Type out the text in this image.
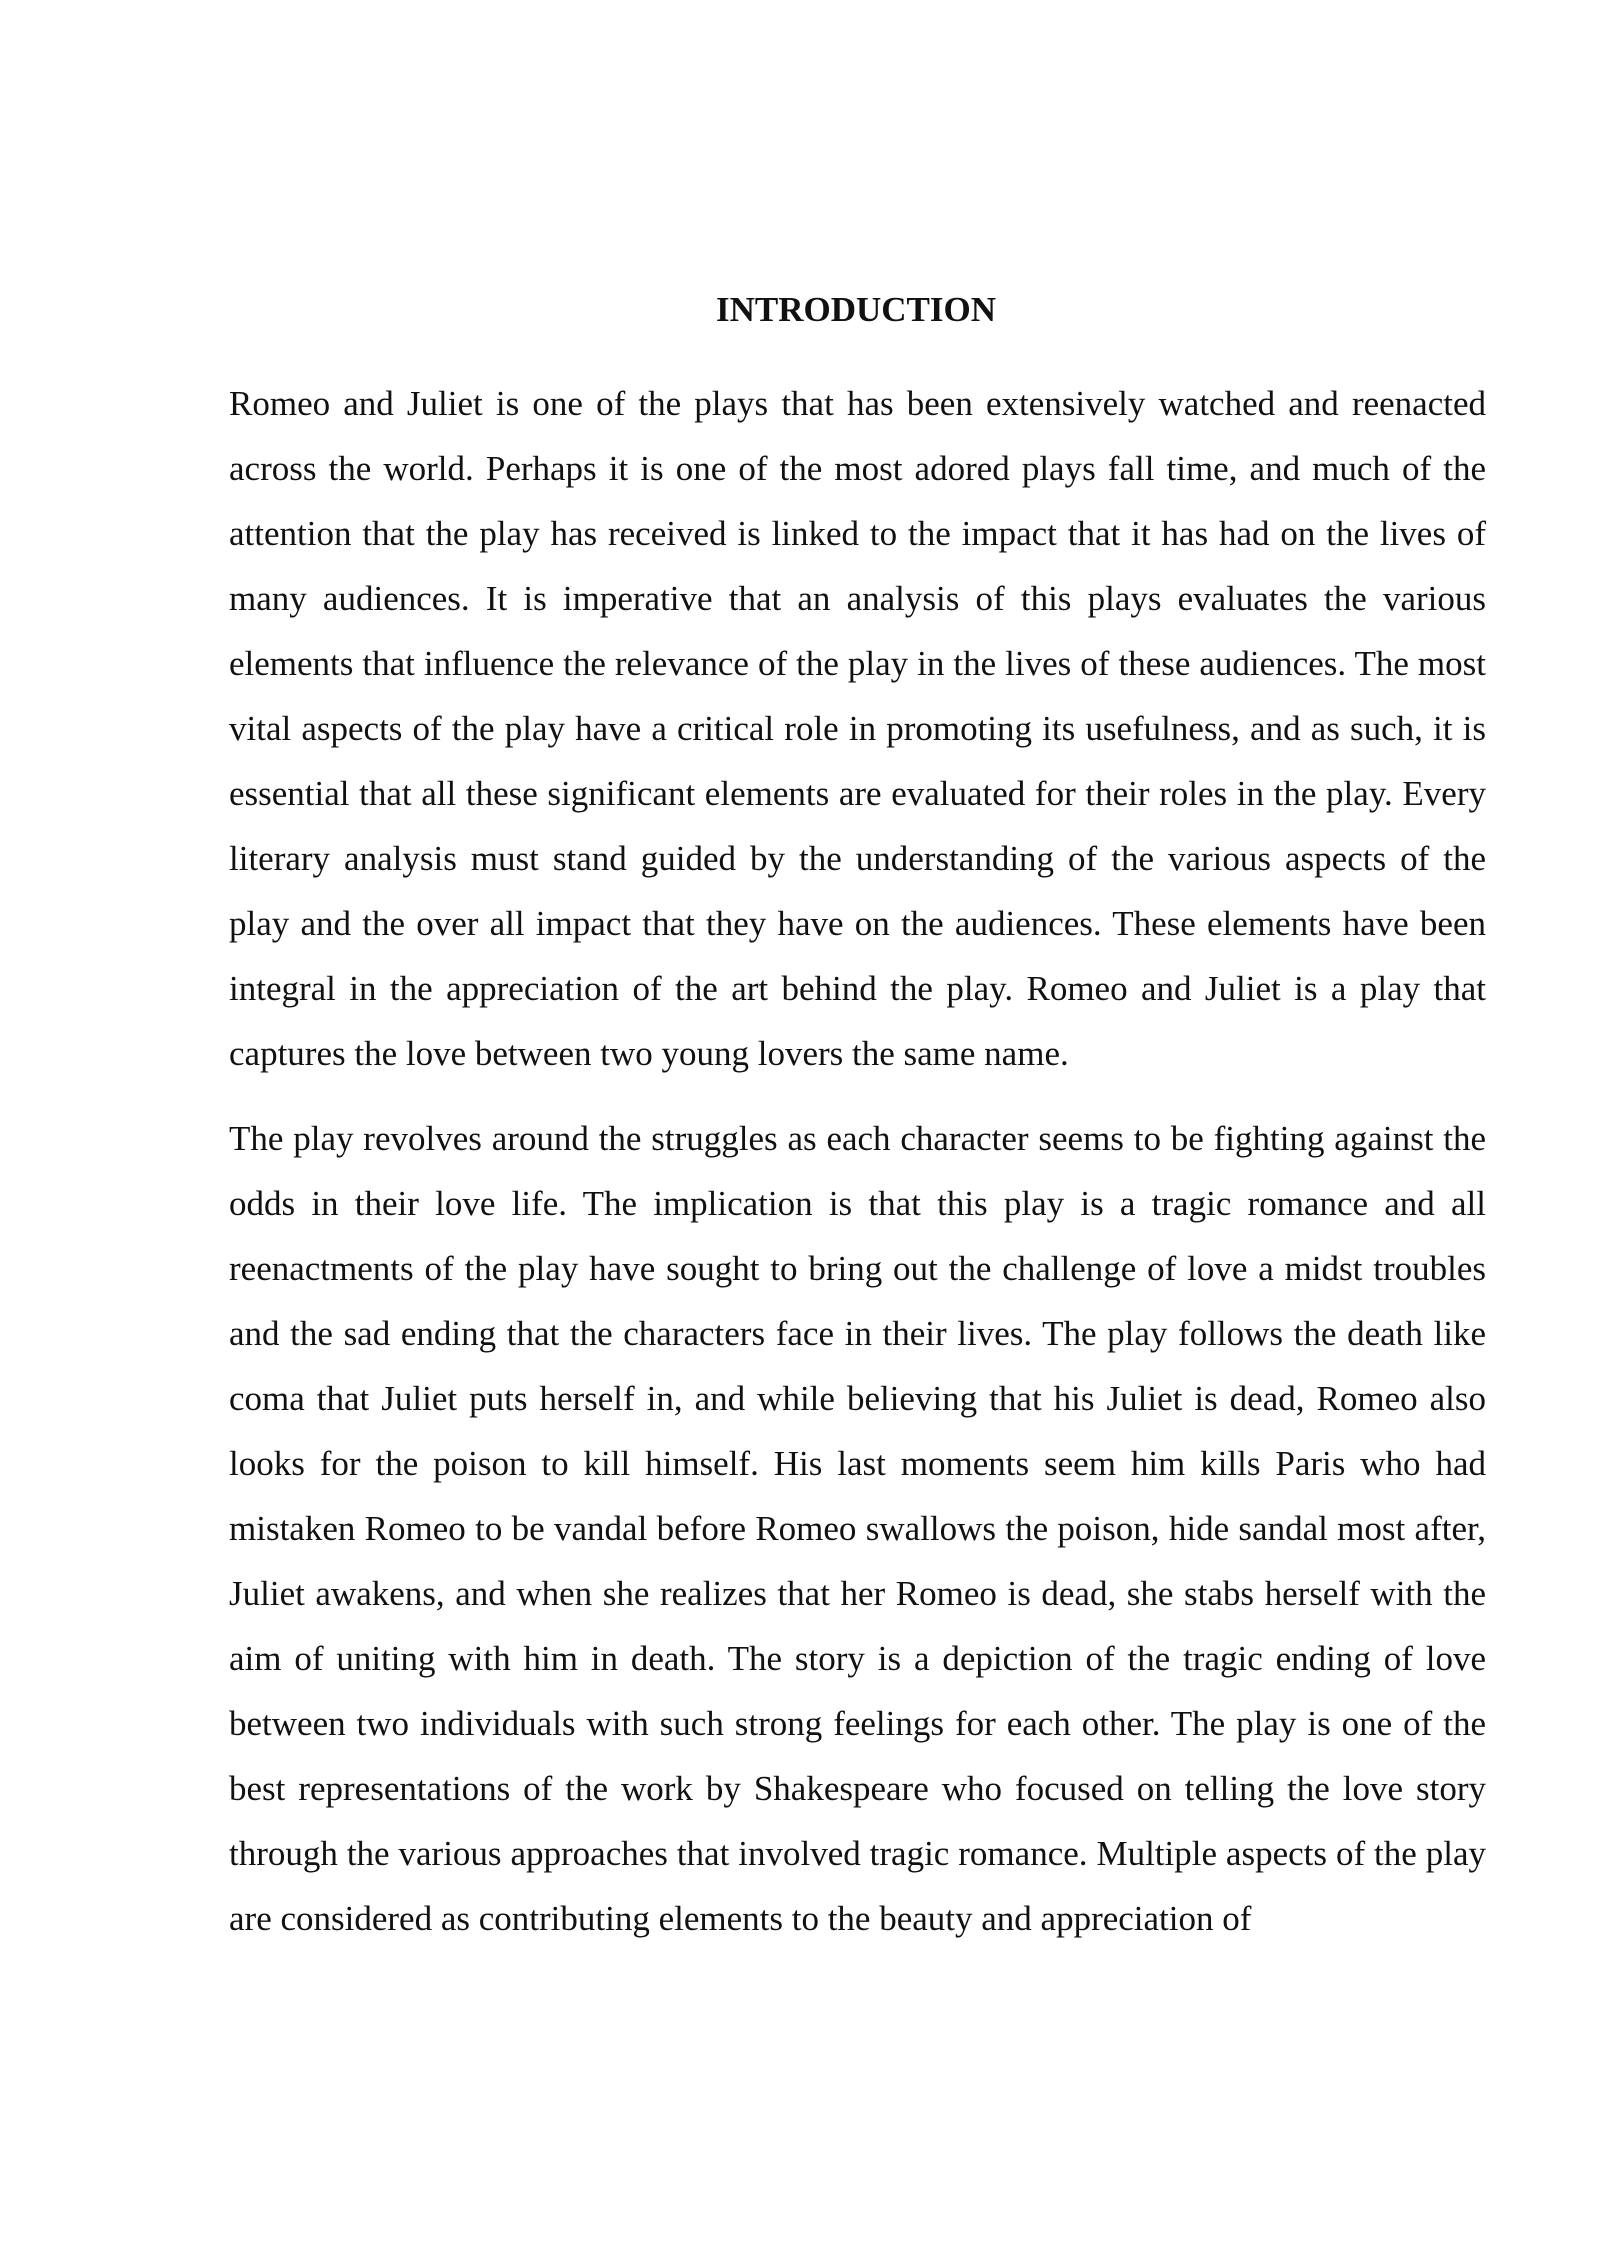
INTRODUCTION

Romeo and Juliet is one of the plays that has been extensively watched and reenacted across the world. Perhaps it is one of the most adored plays fall time, and much of the attention that the play has received is linked to the impact that it has had on the lives of many audiences. It is imperative that an analysis of this plays evaluates the various elements that influence the relevance of the play in the lives of these audiences. The most vital aspects of the play have a critical role in promoting its usefulness, and as such, it is essential that all these significant elements are evaluated for their roles in the play. Every literary analysis must stand guided by the understanding of the various aspects of the play and the over all impact that they have on the audiences. These elements have been integral in the appreciation of the art behind the play. Romeo and Juliet is a play that captures the love between two young lovers the same name.

The play revolves around the struggles as each character seems to be fighting against the odds in their love life. The implication is that this play is a tragic romance and all reenactments of the play have sought to bring out the challenge of love a midst troubles and the sad ending that the characters face in their lives. The play follows the death like coma that Juliet puts herself in, and while believing that his Juliet is dead, Romeo also looks for the poison to kill himself. His last moments seem him kills Paris who had mistaken Romeo to be vandal before Romeo swallows the poison, hide sandal most after, Juliet awakens, and when she realizes that her Romeo is dead, she stabs herself with the aim of uniting with him in death. The story is a depiction of the tragic ending of love between two individuals with such strong feelings for each other. The play is one of the best representations of the work by Shakespeare who focused on telling the love story through the various approaches that involved tragic romance. Multiple aspects of the play are considered as contributing elements to the beauty and appreciation of
